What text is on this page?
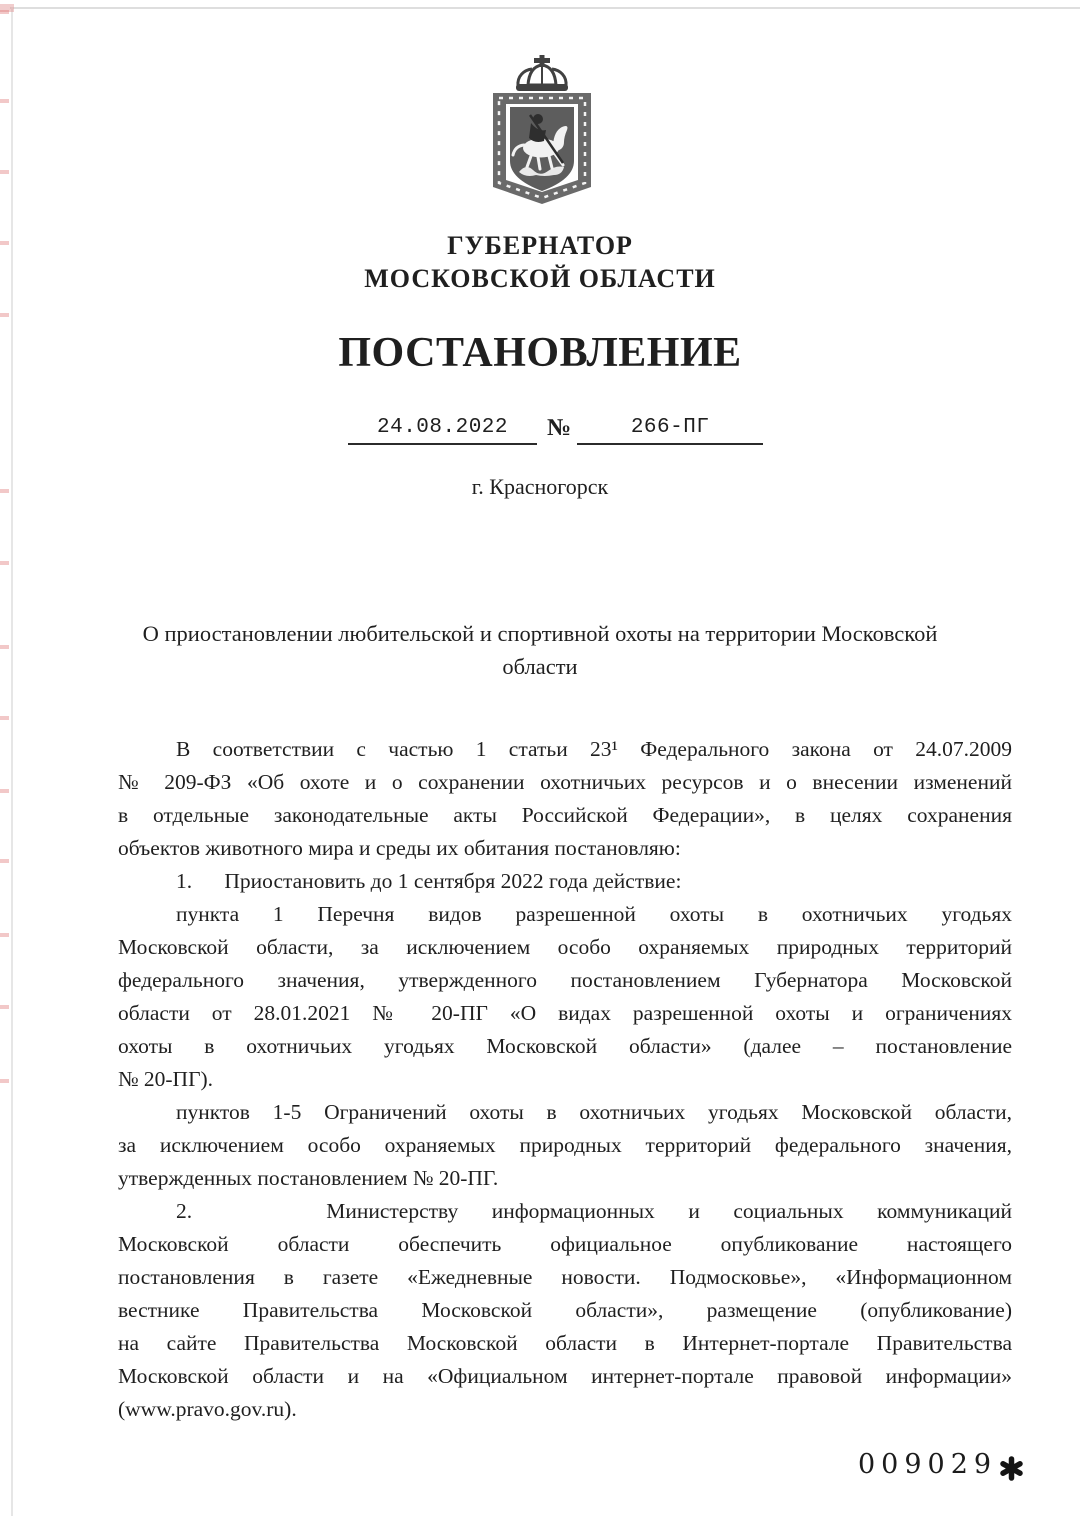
ГУБЕРНАТОР
МОСКОВСКОЙ ОБЛАСТИ
ПОСТАНОВЛЕНИЕ
24.08.2022	№	266-ПГ
г. Красногорск
О приостановлении любительской и спортивной охоты на территории Московской
области
В соответствии с частью 1 статьи 23¹ Федерального закона от 24.07.2009
№ 209-ФЗ «Об охоте и о сохранении охотничьих ресурсов и о внесении изменений
в отдельные законодательные акты Российской Федерации», в целях сохранения
объектов животного мира и среды их обитания постановляю:
1.      Приостановить до 1 сентября 2022 года действие:
пункта 1 Перечня видов разрешенной охоты в охотничьих угодьях
Московской области, за исключением особо охраняемых природных территорий
федерального значения, утвержденного постановлением Губернатора Московской
области от 28.01.2021 № 20-ПГ «О видах разрешенной охоты и ограничениях
охоты в охотничьих угодьях Московской области» (далее – постановление
№ 20-ПГ).
пунктов 1-5 Ограничений охоты в охотничьих угодьях Московской области,
за исключением особо охраняемых природных территорий федерального значения,
утвержденных постановлением № 20-ПГ.
2.    Министерству информационных и социальных коммуникаций
Московской области обеспечить официальное опубликование настоящего
постановления в газете «Ежедневные новости. Подмосковье», «Информационном
вестнике Правительства Московской области», размещение (опубликование)
на сайте Правительства Московской области в Интернет-портале Правительства
Московской области и на «Официальном интернет-портале правовой информации»
(www.pravo.gov.ru).
009029
